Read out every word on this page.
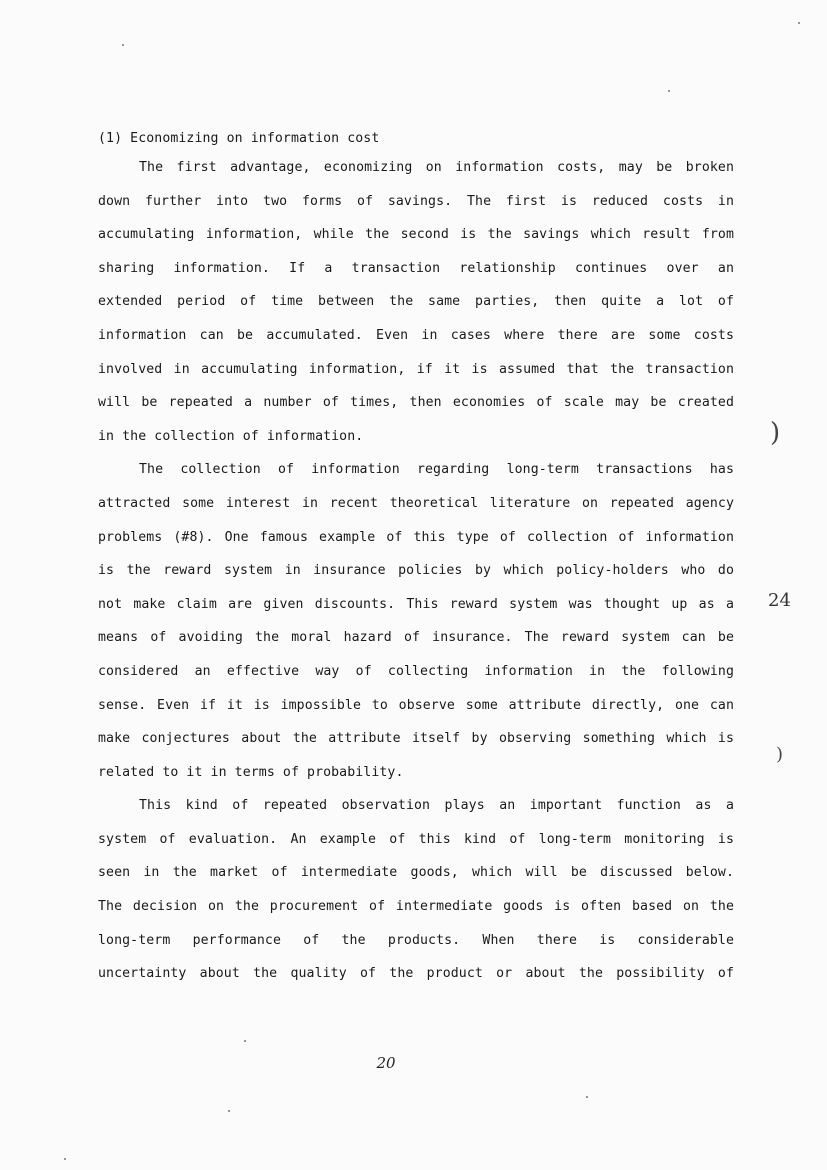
(1) Economizing on information cost
The first advantage, economizing on information costs, may be broken
down further into two forms of savings. The first is reduced costs in
accumulating information, while the second is the savings which result from
sharing information. If a transaction relationship continues over an
extended period of time between the same parties, then quite a lot of
information can be accumulated. Even in cases where there are some costs
involved in accumulating information, if it is assumed that the transaction
will be repeated a number of times, then economies of scale may be created
in the collection of information.
The collection of information regarding long-term transactions has
attracted some interest in recent theoretical literature on repeated agency
problems (#8). One famous example of this type of collection of information
is the reward system in insurance policies by which policy-holders who do
not make claim are given discounts. This reward system was thought up as a
means of avoiding the moral hazard of insurance. The reward system can be
considered an effective way of collecting information in the following
sense. Even if it is impossible to observe some attribute directly, one can
make conjectures about the attribute itself by observing something which is
related to it in terms of probability.
This kind of repeated observation plays an important function as a
system of evaluation. An example of this kind of long-term monitoring is
seen in the market of intermediate goods, which will be discussed below.
The decision on the procurement of intermediate goods is often based on the
long-term performance of the products. When there is considerable
uncertainty about the quality of the product or about the possibility of
20
24
)
)
